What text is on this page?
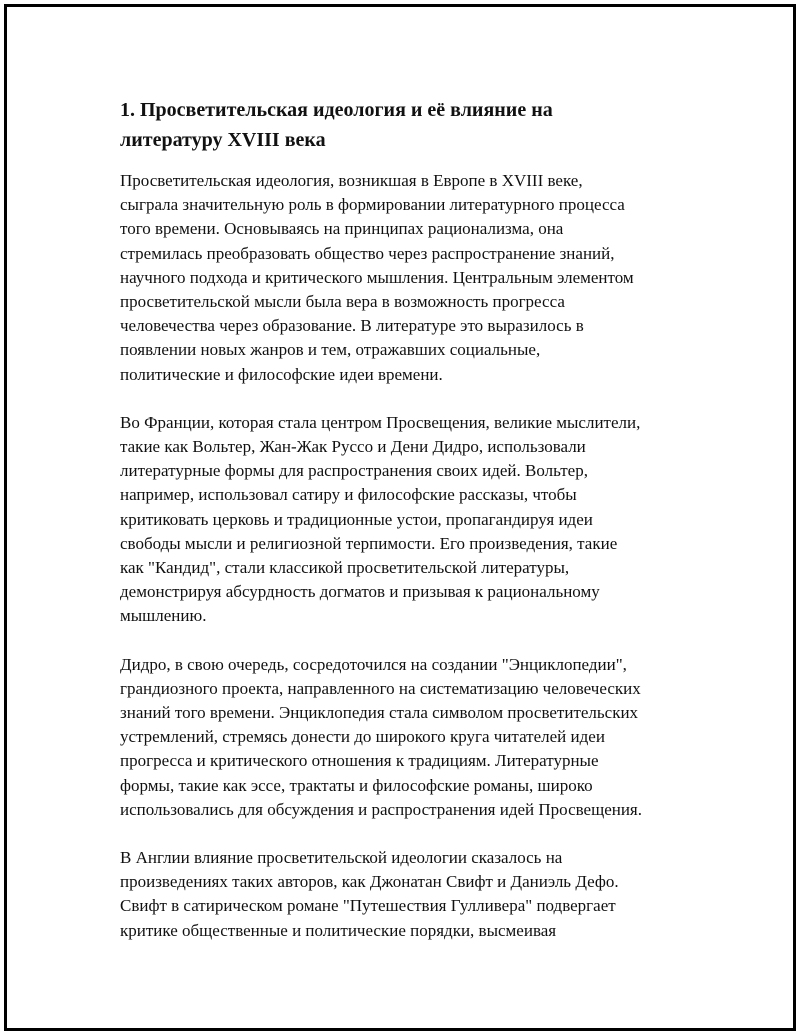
1. Просветительская идеология и её влияние на
литературу XVIII века

Просветительская идеология, возникшая в Европе в XVIII веке,
сыграла значительную роль в формировании литературного процесса
того времени. Основываясь на принципах рационализма, она
стремилась преобразовать общество через распространение знаний,
научного подхода и критического мышления. Центральным элементом
просветительской мысли была вера в возможность прогресса
человечества через образование. В литературе это выразилось в
появлении новых жанров и тем, отражавших социальные,
политические и философские идеи времени.

Во Франции, которая стала центром Просвещения, великие мыслители,
такие как Вольтер, Жан-Жак Руссо и Дени Дидро, использовали
литературные формы для распространения своих идей. Вольтер,
например, использовал сатиру и философские рассказы, чтобы
критиковать церковь и традиционные устои, пропагандируя идеи
свободы мысли и религиозной терпимости. Его произведения, такие
как "Кандид", стали классикой просветительской литературы,
демонстрируя абсурдность догматов и призывая к рациональному
мышлению.

Дидро, в свою очередь, сосредоточился на создании "Энциклопедии",
грандиозного проекта, направленного на систематизацию человеческих
знаний того времени. Энциклопедия стала символом просветительских
устремлений, стремясь донести до широкого круга читателей идеи
прогресса и критического отношения к традициям. Литературные
формы, такие как эссе, трактаты и философские романы, широко
использовались для обсуждения и распространения идей Просвещения.

В Англии влияние просветительской идеологии сказалось на
произведениях таких авторов, как Джонатан Свифт и Даниэль Дефо.
Свифт в сатирическом романе "Путешествия Гулливера" подвергает
критике общественные и политические порядки, высмеивая
